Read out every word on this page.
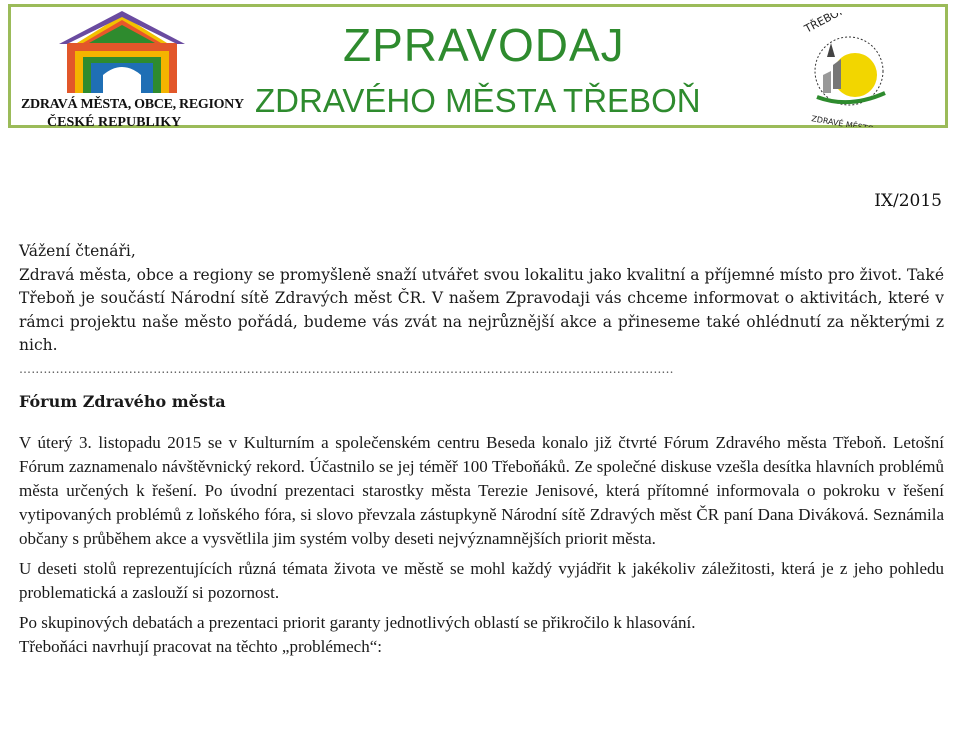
ZDRAVÁ MĚSTA, OBCE, REGIONY
ČESKÉ REPUBLIKY
ZPRAVODAJ
ZDRAVÉHO MĚSTA TŘEBOŇ
TŘEBOŇ
ZDRAVÉ MĚSTO
IX/2015

Vážení čtenáři,

Zdravá města, obce a regiony se promyšleně snaží utvářet svou lokalitu jako kvalitní a příjemné místo pro život. Také Třeboň je součástí Národní sítě Zdravých měst ČR. V našem Zpravodaji vás chceme informovat o aktivitách, které v rámci projektu naše město pořádá, budeme vás zvát na nejrůznější akce a přineseme také ohlédnutí za některými z nich.

……………………………………………………………………………………………………………………………………………..

Fórum Zdravého města

V úterý 3. listopadu 2015 se v Kulturním a společenském centru Beseda konalo již čtvrté Fórum Zdravého města Třeboň. Letošní Fórum zaznamenalo návštěvnický rekord. Účastnilo se jej téměř 100 Třeboňáků. Ze společné diskuse vzešla desítka hlavních problémů města určených k řešení. Po úvodní prezentaci starostky města Terezie Jenisové, která přítomné informovala o pokroku v řešení vytipovaných problémů z loňského fóra, si slovo převzala zástupkyně Národní sítě Zdravých měst ČR paní Dana Diváková. Seznámila občany s průběhem akce a vysvětlila jim systém volby deseti nejvýznamnějších priorit města.

U deseti stolů reprezentujících různá témata života ve městě se mohl každý vyjádřit k jakékoliv záležitosti, která je z jeho pohledu problematická a zaslouží si pozornost.

Po skupinových debatách a prezentaci priorit garanty jednotlivých oblastí se přikročilo k hlasování.

Třeboňáci navrhují pracovat na těchto „problémech“:
